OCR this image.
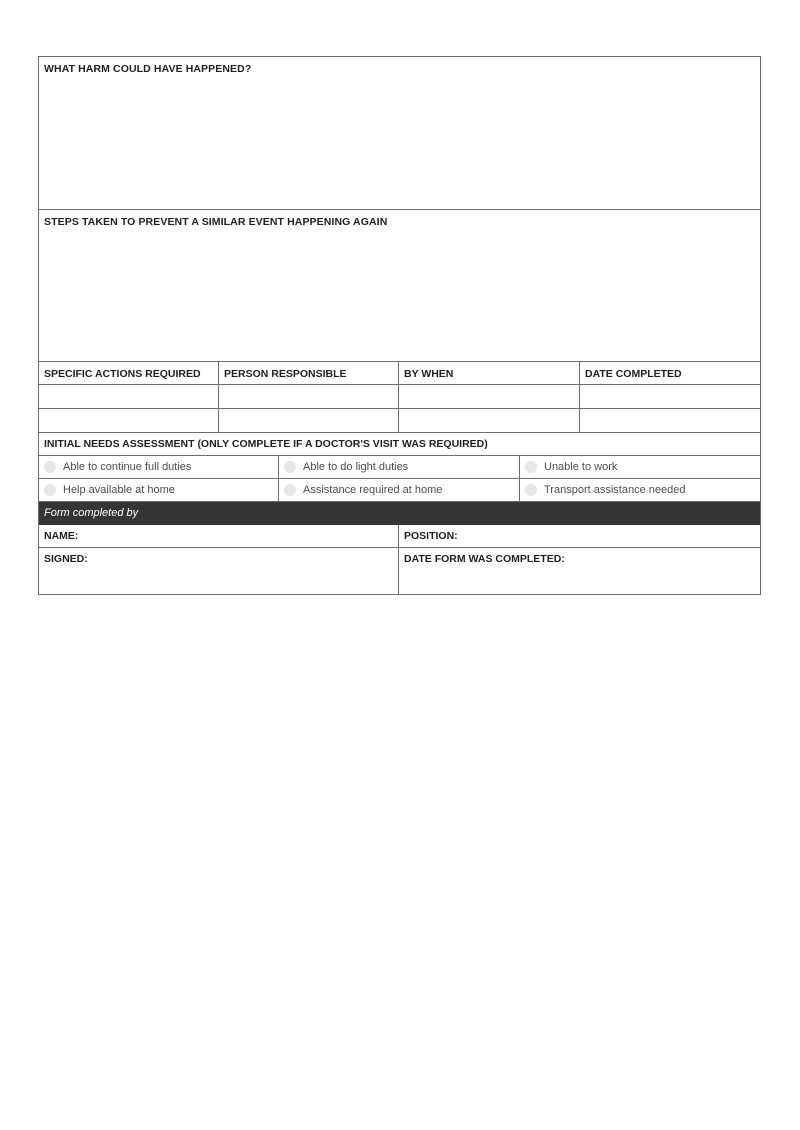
WHAT HARM COULD HAVE HAPPENED?
STEPS TAKEN TO PREVENT A SIMILAR EVENT HAPPENING AGAIN
SPECIFIC ACTIONS REQUIRED	PERSON RESPONSIBLE	BY WHEN	DATE COMPLETED
INITIAL NEEDS ASSESSMENT (ONLY COMPLETE IF A DOCTOR'S VISIT WAS REQUIRED)
Able to continue full duties	Able to do light duties	Unable to work
Help available at home	Assistance required at home	Transport assistance needed
Form completed by
NAME:	POSITION:
SIGNED:	DATE FORM WAS COMPLETED:
